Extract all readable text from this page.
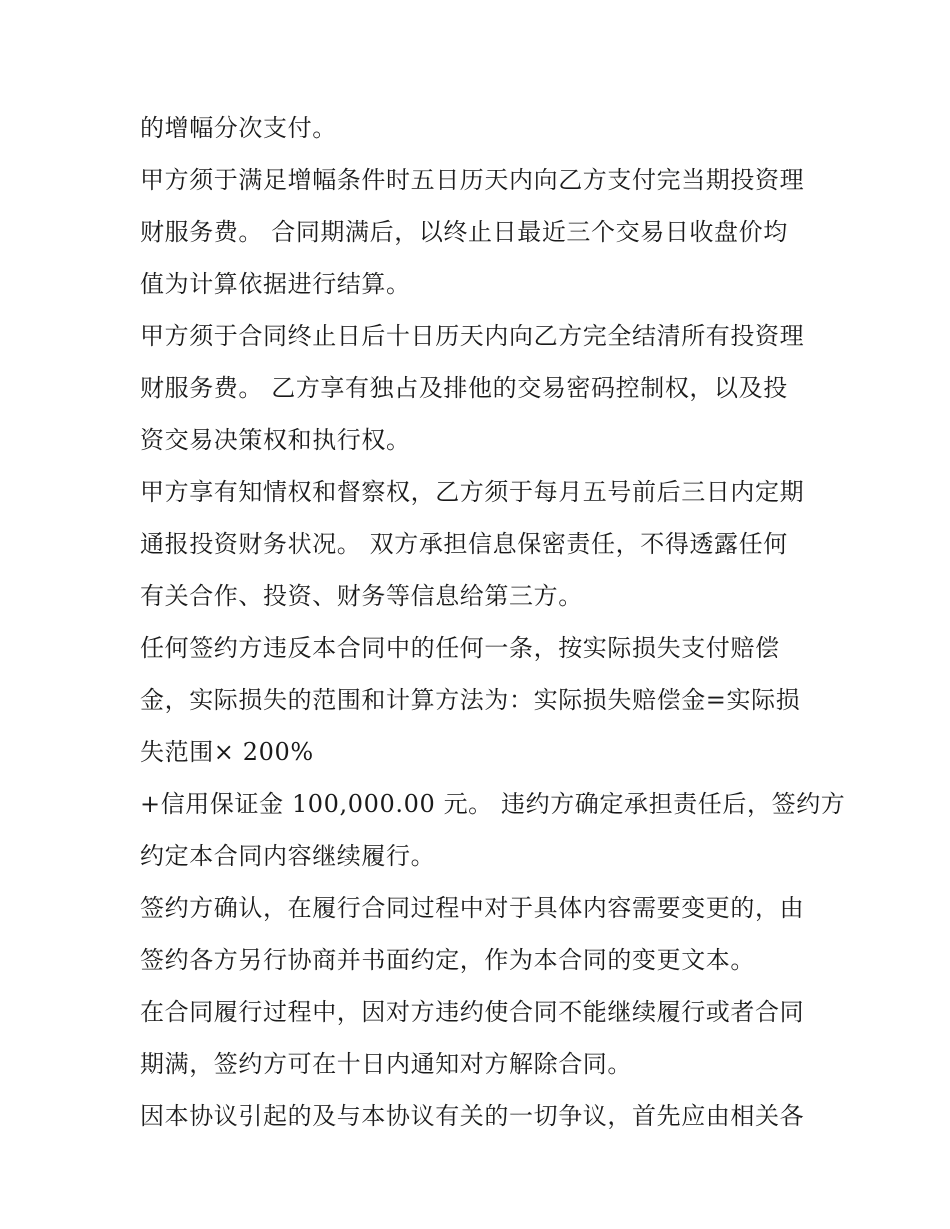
的增幅分次支付。
甲方须于满足增幅条件时五日历天内向乙方支付完当期投资理
财服务费。 合同期满后，以终止日最近三个交易日收盘价均
值为计算依据进行结算。
甲方须于合同终止日后十日历天内向乙方完全结清所有投资理
财服务费。 乙方享有独占及排他的交易密码控制权，以及投
资交易决策权和执行权。
甲方享有知情权和督察权，乙方须于每月五号前后三日内定期
通报投资财务状况。 双方承担信息保密责任，不得透露任何
有关合作、投资、财务等信息给第三方。
任何签约方违反本合同中的任何一条，按实际损失支付赔偿
金，实际损失的范围和计算方法为：实际损失赔偿金=实际损
失范围× 200%
+信用保证金 100,000.00 元。 违约方确定承担责任后，签约方
约定本合同内容继续履行。
签约方确认，在履行合同过程中对于具体内容需要变更的，由
签约各方另行协商并书面约定，作为本合同的变更文本。
在合同履行过程中，因对方违约使合同不能继续履行或者合同
期满，签约方可在十日内通知对方解除合同。
因本协议引起的及与本协议有关的一切争议，首先应由相关各
